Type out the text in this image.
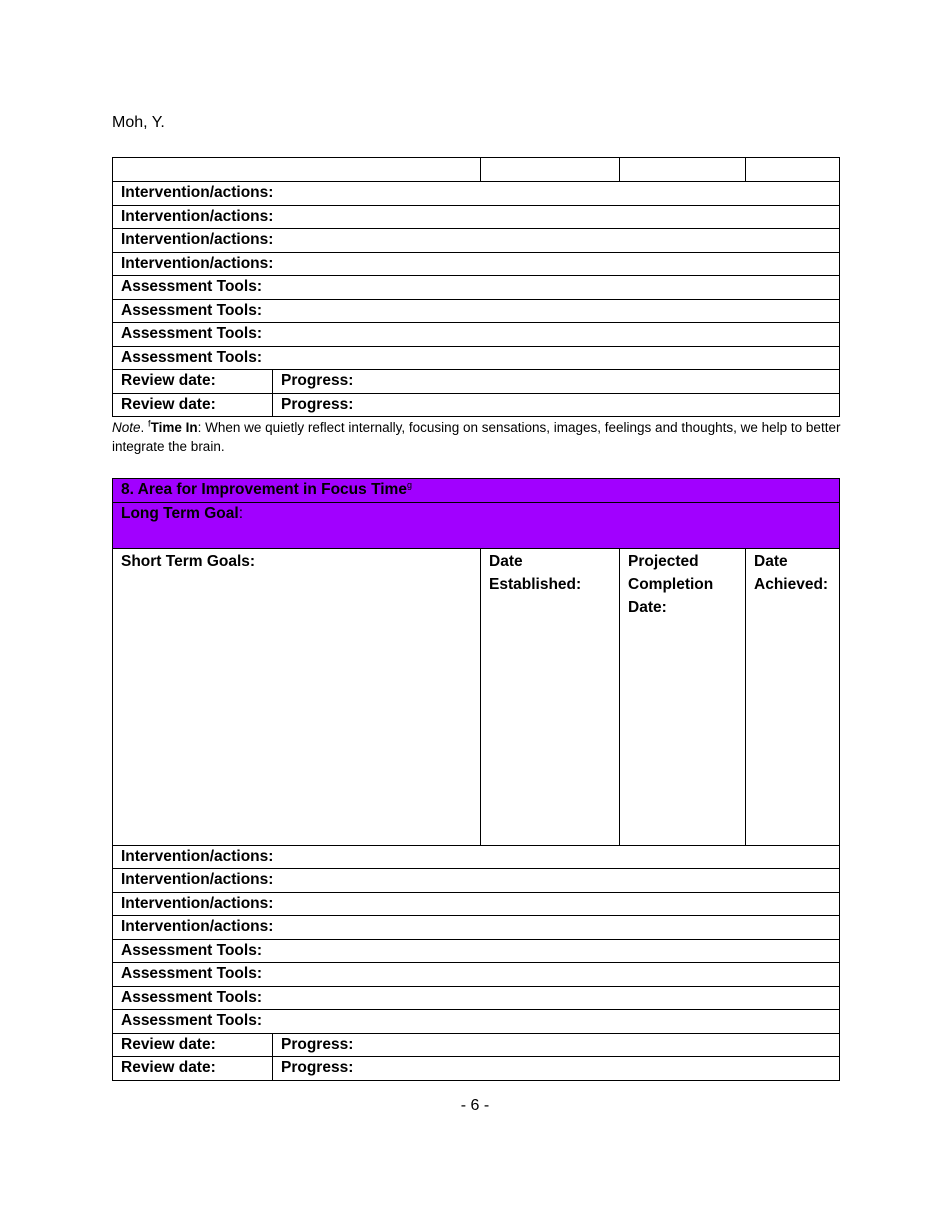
Moh, Y.

Intervention/actions:				
Intervention/actions:				
Intervention/actions:				
Intervention/actions:				
Assessment Tools:				
Assessment Tools:				
Assessment Tools:				
Assessment Tools:				
Review date:	Progress:			
Review date:	Progress:			
Note. $^f$Time In: When we quietly reflect internally, focusing on sensations, images, feelings and thoughts, we help to better integrate the brain.
8. Area for Improvement in Focus Time$^g$
Long Term Goal:				
Short Term Goals:		Date Established:	Projected Completion Date:	Date Achieved:
Intervention/actions:				
Intervention/actions:				
Intervention/actions:				
Intervention/actions:				
Assessment Tools:				
Assessment Tools:				
Assessment Tools:				
Assessment Tools:				
Review date:	Progress:			
Review date:	Progress:			
- 6 -
